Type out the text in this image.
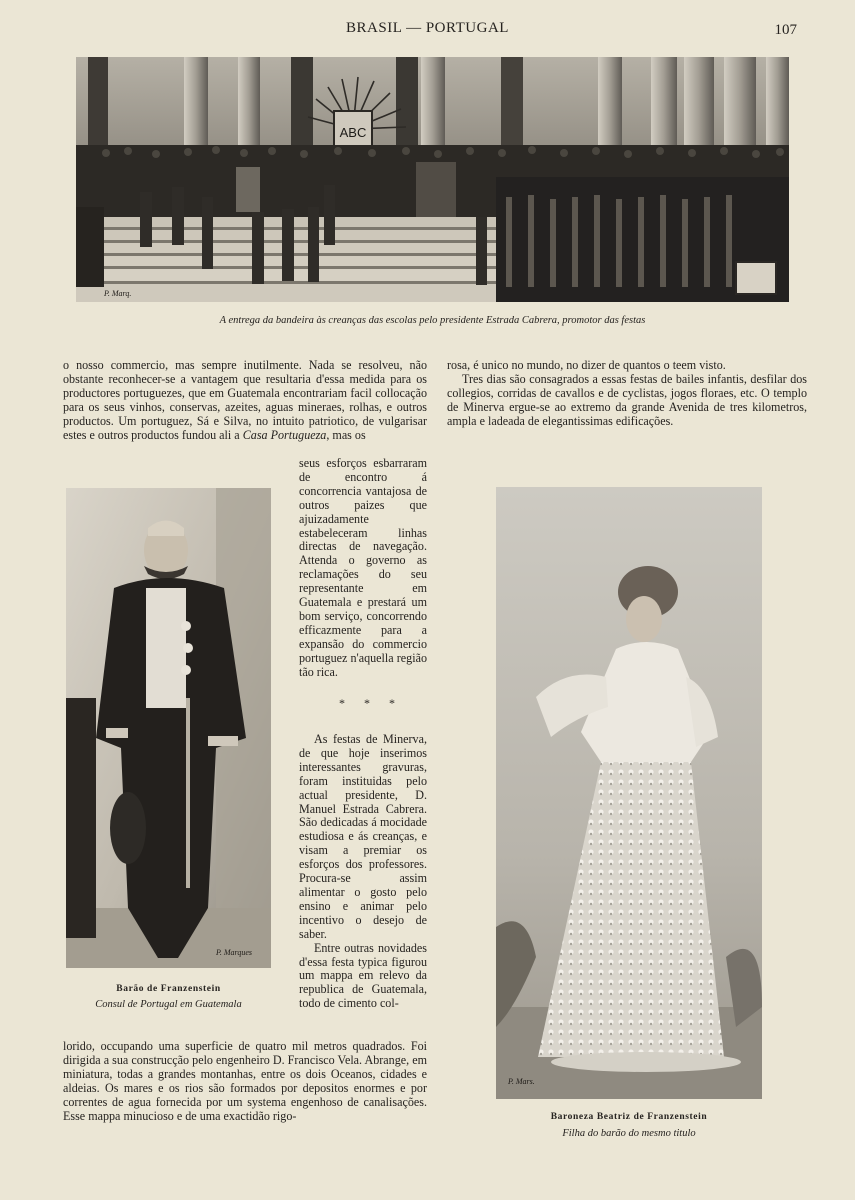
BRASIL — PORTUGAL	107
ABC
P. Marq.
A entrega da bandeira às creanças das escolas pelo presidente Estrada Cabrera, promotor das festas
P. Marques
Barão de Franzenstein
Consul de Portugal em Guatemala
P. Mars.
Baroneza Beatriz de Franzenstein
Filha do barão do mesmo titulo

o nosso commercio, mas sempre inutilmente. Nada se resolveu, não obstante reconhecer-se a vantagem que resultaria d'essa medida para os productores portuguezes, que em Guatemala encontrariam facil collocação para os seus vinhos, conservas, azeites, aguas mineraes, rolhas, e outros productos. Um portuguez, Sá e Silva, no intuito patriotico, de vulgarisar estes e outros productos fundou ali a Casa Portugueza, mas os

seus esforços esbarraram de encontro á concorrencia vantajosa de outros paizes que ajuizadamente estabeleceram linhas directas de navegação. Attenda o governo as reclamações do seu representante em Guatemala e prestará um bom serviço, concorrendo efficazmente para a expansão do commercio portuguez n'aquella região tão rica.

* * *

As festas de Minerva, de que hoje inserimos interessantes gravuras, foram instituidas pelo actual presidente, D. Manuel Estrada Cabrera. São dedicadas á mocidade estudiosa e ás creanças, e visam a premiar os esforços dos professores. Procura-se assim alimentar o gosto pelo ensino e animar pelo incentivo o desejo de saber.

Entre outras novidades d'essa festa typica figurou um mappa em relevo da republica de Guatemala, todo de cimento col-

lorido, occupando uma superficie de quatro mil metros quadrados. Foi dirigida a sua construcção pelo engenheiro D. Francisco Vela. Abrange, em miniatura, todas a grandes montanhas, entre os dois Oceanos, cidades e aldeias. Os mares e os rios são formados por depositos enormes e por correntes de agua fornecida por um systema engenhoso de canalisações. Esse mappa minucioso e de uma exactidão rigo-

rosa, é unico no mundo, no dizer de quantos o teem visto.

Tres dias são consagrados a essas festas de bailes infantis, desfilar dos collegios, corridas de cavallos e de cyclistas, jogos floraes, etc. O templo de Minerva ergue-se ao extremo da grande Avenida de tres kilometros, ampla e ladeada de elegantissimas edificações.
